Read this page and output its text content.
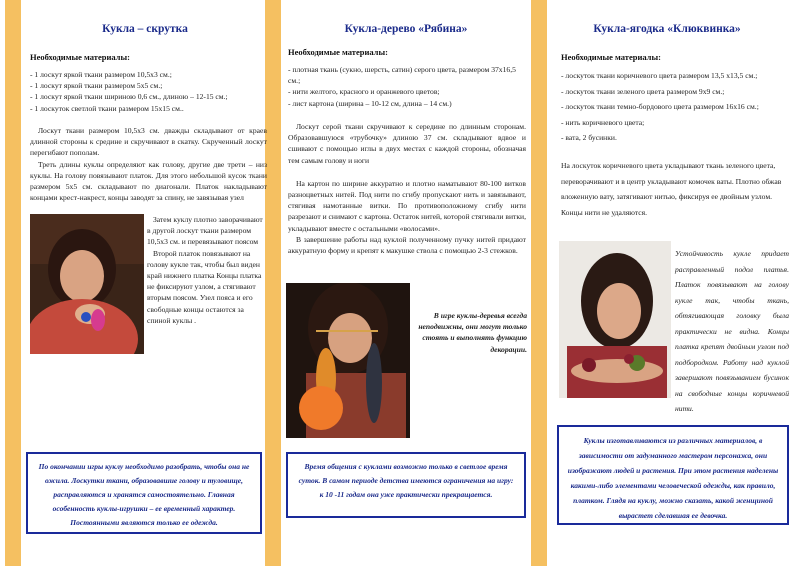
Кукла – скрутка
Необходимые материалы:

- 1 лоскут яркой ткани размером 10,5х3 см.;

- 1 лоскут яркой ткани размером 5х5 см.;

- 1 лоскут яркой ткани шириною 0,6 см., длиною – 12-15 см.;

- 1 лоскуток светлой ткани размером 15х15 см..

Лоскут ткани размером 10,5х3 см. дважды складывают от краев длинной стороны к средине и скручивают в скатку. Скрученный лоскут перегибают пополам.

Треть длины куклы определяют как голову, другие две трети – низ куклы. На голову повязывают платок. Для этого небольшой кусок ткани размером 5х5 см. складывают по диагонали. Платок накладывают концами крест-накрест, концы заводят за спину, не завязывая узел

Затем куклу плотно заворачивают в другой лоскут ткани размером 10,5х3 см. и перевязывают поясом

Второй платок повязывают на голову кукле так, чтобы был виден край нижнего платка Концы платка не фиксируют узлом, а стягивают вторым поясом. Узел пояса и его свободные концы остаются за спиной куклы .

По окончании игры куклу необходимо разобрать, чтобы она не ожила. Лоскутки ткани, образовавшие голову и туловище, расправляются и хранятся самостоятельно. Главная особенность куклы-игрушки – ее временный характер. Постоянными являются только ее одежда.
Кукла-дерево «Рябина»
Необходимые материалы:

- плотная ткань (сукно, шерсть, сатин) серого цвета, размером 37х16,5 см.;

- нити желтого, красного и оранжевого цветов;

- лист картона (ширина – 10-12 см, длина – 14 см.)

Лоскут серой ткани скручивают к середине по длинным сторонам. Образовавшуюся «трубочку» длиною 37 см. складывают вдвое и сшивают с помощью иглы в двух местах с каждой стороны, обозначая тем самым голову и ноги

На картон по ширине аккуратно и плотно наматывают 80-100 витков разноцветных нитей. Под нити по сгибу пропускают нить и завязывают, стягивая намотанные витки. По противоположному сгибу нити разрезают и снимают с картона. Остаток нитей, которой стягивали витки, укладывают вместе с остальными «волосами».

В завершение работы над куклой полученному пучку нитей придают аккуратную форму и крепят к макушке ствола с помощью 2-3 стежков.

В игре куклы-деревья всегда неподвижны, они могут только стоять и выполнять функцию декорации.
Время общения с куклами возможно только в светлое время суток. В самом периоде детства имеются ограничения на игру: к 10 -11 годам она уже практически прекращается.
Кукла-ягодка «Клюквинка»
Необходимые материалы:

- лоскуток ткани коричневого цвета размером 13,5 х13,5 см.;

- лоскуток ткани зеленого цвета размером 9х9 см.;

- лоскуток ткани темно-бордового цвета размером 16х16 см.;

- нить коричневого цвета;

- вата, 2 бусинки.

На лоскуток коричневого цвета укладывают ткань зеленого цвета, переворачивают и в центр укладывают комочек ваты. Плотно обжав вложенную вату, затягивают нитью, фиксируя ее двойным узлом. Концы нити не удаляются.
Устойчивость кукле придает расправленный подол платья. Платок повязывают на голову кукле так, чтобы ткань, обтягивающая головку была практически не видна. Концы платка крепят двойным узлом под подбородком. Работу над куклой завершают повязыванием бусинок на свободные концы коричневой нити.
Куклы изготавливаются из различных материалов, в зависимости от задуманного мастером персонажа, они изображают людей и растения. При этом растения наделены какими-либо элементами человеческой одежды, как правило, платком. Глядя на куклу, можно сказать, какой женщиной вырастет сделавшая ее девочка.
